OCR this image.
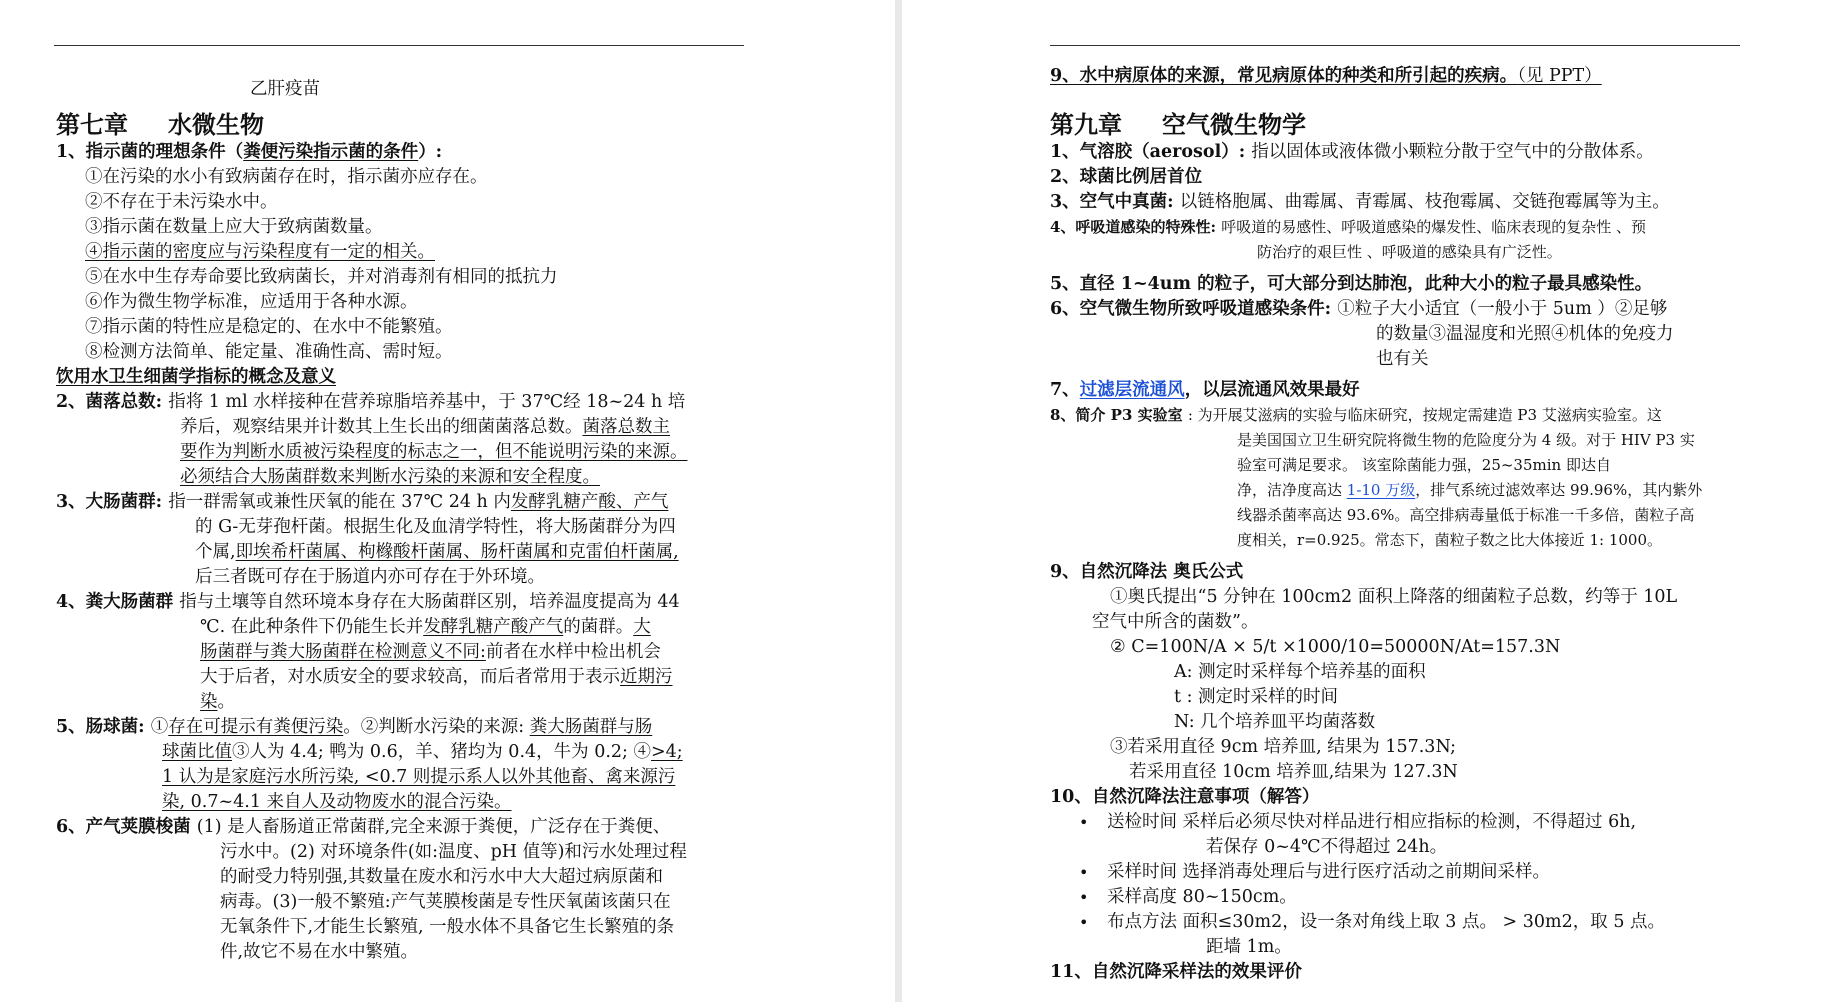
乙肝疫苗
第七章 水微生物
1、指示菌的理想条件（粪便污染指示菌的条件）:
①在污染的水小有致病菌存在时，指示菌亦应存在。
②不存在于未污染水中。
③指示菌在数量上应大于致病菌数量。
④指示菌的密度应与污染程度有一定的相关。
⑤在水中生存寿命要比致病菌长，并对消毒剂有相同的抵抗力
⑥作为微生物学标准，应适用于各种水源。
⑦指示菌的特性应是稳定的、在水中不能繁殖。
⑧检测方法简单、能定量、准确性高、需时短。
饮用水卫生细菌学指标的概念及意义
2、菌落总数: 指将 1 ml 水样接种在营养琼脂培养基中，于 37℃经 18~24 h 培
养后，观察结果并计数其上生长出的细菌菌落总数。菌落总数主
要作为判断水质被污染程度的标志之一，但不能说明污染的来源。
必须结合大肠菌群数来判断水污染的来源和安全程度。
3、大肠菌群: 指一群需氧或兼性厌氧的能在 37℃ 24 h 内发酵乳糖产酸、产气
的 G-无芽孢杆菌。根据生化及血清学特性，将大肠菌群分为四
个属,即埃希杆菌属、枸橼酸杆菌属、肠杆菌属和克雷伯杆菌属,
后三者既可存在于肠道内亦可存在于外环境。
4、粪大肠菌群 指与土壤等自然环境本身存在大肠菌群区别，培养温度提高为 44
℃. 在此种条件下仍能生长并发酵乳糖产酸产气的菌群。大
肠菌群与粪大肠菌群在检测意义不同:前者在水样中检出机会
大于后者，对水质安全的要求较高，而后者常用于表示近期污
染。
5、肠球菌: ①存在可提示有粪便污染。②判断水污染的来源: 粪大肠菌群与肠
球菌比值③人为 4.4; 鸭为 0.6，羊、猪均为 0.4，牛为 0.2; ④>4;
1 认为是家庭污水所污染, <0.7 则提示系人以外其他畜、禽来源污
染, 0.7~4.1 来自人及动物废水的混合污染。
6、产气荚膜梭菌 (1) 是人畜肠道正常菌群,完全来源于粪便，广泛存在于粪便、
污水中。(2) 对环境条件(如:温度、pH 值等)和污水处理过程
的耐受力特别强,其数量在废水和污水中大大超过病原菌和
病毒。(3)一般不繁殖:产气荚膜梭菌是专性厌氧菌该菌只在
无氧条件下,才能生长繁殖, 一般水体不具备它生长繁殖的条
件,故它不易在水中繁殖。
第九章 空气微生物学
9、水中病原体的来源，常见病原体的种类和所引起的疾病。（见 PPT）
1、气溶胶（aerosol）: 指以固体或液体微小颗粒分散于空气中的分散体系。
2、球菌比例居首位
3、空气中真菌: 以链格胞属、曲霉属、青霉属、枝孢霉属、交链孢霉属等为主。
4、呼吸道感染的特殊性: 呼吸道的易感性、呼吸道感染的爆发性、临床表现的复杂性 、预
防治疗的艰巨性 、呼吸道的感染具有广泛性。
5、直径 1~4um 的粒子，可大部分到达肺泡，此种大小的粒子最具感染性。
6、空气微生物所致呼吸道感染条件: ①粒子大小适宜（一般小于 5um ）②足够
的数量③温湿度和光照④机体的免疫力
也有关
7、过滤层流通风，以层流通风效果最好
8、简介 P3 实验室 : 为开展艾滋病的实验与临床研究，按规定需建造 P3 艾滋病实验室。这
是美国国立卫生研究院将微生物的危险度分为 4 级。对于 HIV P3 实
验室可满足要求。 该室除菌能力强，25~35min 即达自
净，洁净度高达 1-10 万级，排气系统过滤效率达 99.96%，其内紫外
线器杀菌率高达 93.6%。高空排病毒量低于标准一千多倍，菌粒子高
度相关，r=0.925。常态下，菌粒子数之比大体接近 1: 1000。
9、自然沉降法 奥氏公式
①奥氏提出“5 分钟在 100cm2 面积上降落的细菌粒子总数，约等于 10L
空气中所含的菌数”。
② C=100N/A × 5/t ×1000/10=50000N/At=157.3N
A: 测定时采样每个培养基的面积
t : 测定时采样的时间
N: 几个培养皿平均菌落数
③若采用直径 9cm 培养皿, 结果为 157.3N;
若采用直径 10cm 培养皿,结果为 127.3N
10、自然沉降法注意事项（解答）
• 送检时间 采样后必须尽快对样品进行相应指标的检测，不得超过 6h,
若保存 0~4℃不得超过 24h。
• 采样时间 选择消毒处理后与进行医疗活动之前期间采样。
• 采样高度 80~150cm。
• 布点方法 面积≤30m2，设一条对角线上取 3 点。 > 30m2，取 5 点。
距墙 1m。
11、自然沉降采样法的效果评价
